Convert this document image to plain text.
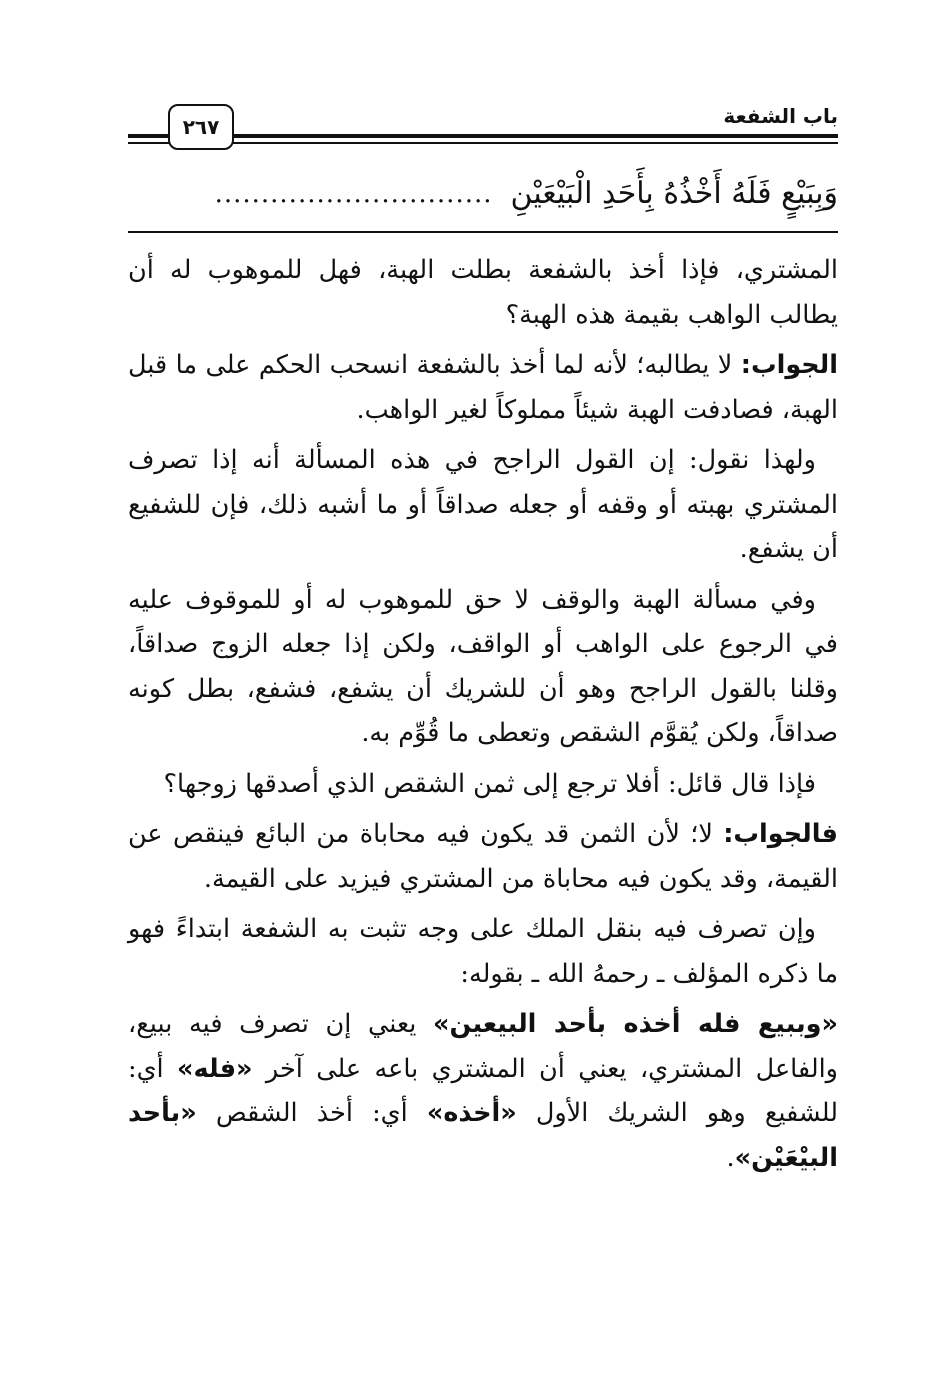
باب الشفعة
٢٦٧
وَبِبَيْعٍ فَلَهُ أَخْذُهُ بِأَحَدِ الْبَيْعَيْنِ
..............................

المشتري، فإذا أخذ بالشفعة بطلت الهبة، فهل للموهوب له أن يطالب الواهب بقيمة هذه الهبة؟

الجواب: لا يطالبه؛ لأنه لما أخذ بالشفعة انسحب الحكم على ما قبل الهبة، فصادفت الهبة شيئاً مملوكاً لغير الواهب.

ولهذا نقول: إن القول الراجح في هذه المسألة أنه إذا تصرف المشتري بهبته أو وقفه أو جعله صداقاً أو ما أشبه ذلك، فإن للشفيع أن يشفع.

وفي مسألة الهبة والوقف لا حق للموهوب له أو للموقوف عليه في الرجوع على الواهب أو الواقف، ولكن إذا جعله الزوج صداقاً، وقلنا بالقول الراجح وهو أن للشريك أن يشفع، فشفع، بطل كونه صداقاً، ولكن يُقوَّم الشقص وتعطى ما قُوِّم به.

فإذا قال قائل: أفلا ترجع إلى ثمن الشقص الذي أصدقها زوجها؟

فالجواب: لا؛ لأن الثمن قد يكون فيه محاباة من البائع فينقص عن القيمة، وقد يكون فيه محاباة من المشتري فيزيد على القيمة.

وإن تصرف فيه بنقل الملك على وجه تثبت به الشفعة ابتداءً فهو ما ذكره المؤلف ـ رحمهُ الله ـ بقوله:

«وببيع فله أخذه بأحد البيعين» يعني إن تصرف فيه ببيع، والفاعل المشتري، يعني أن المشتري باعه على آخر «فله» أي: للشفيع وهو الشريك الأول «أخذه» أي: أخذ الشقص «بأحد البيْعَيْن».
